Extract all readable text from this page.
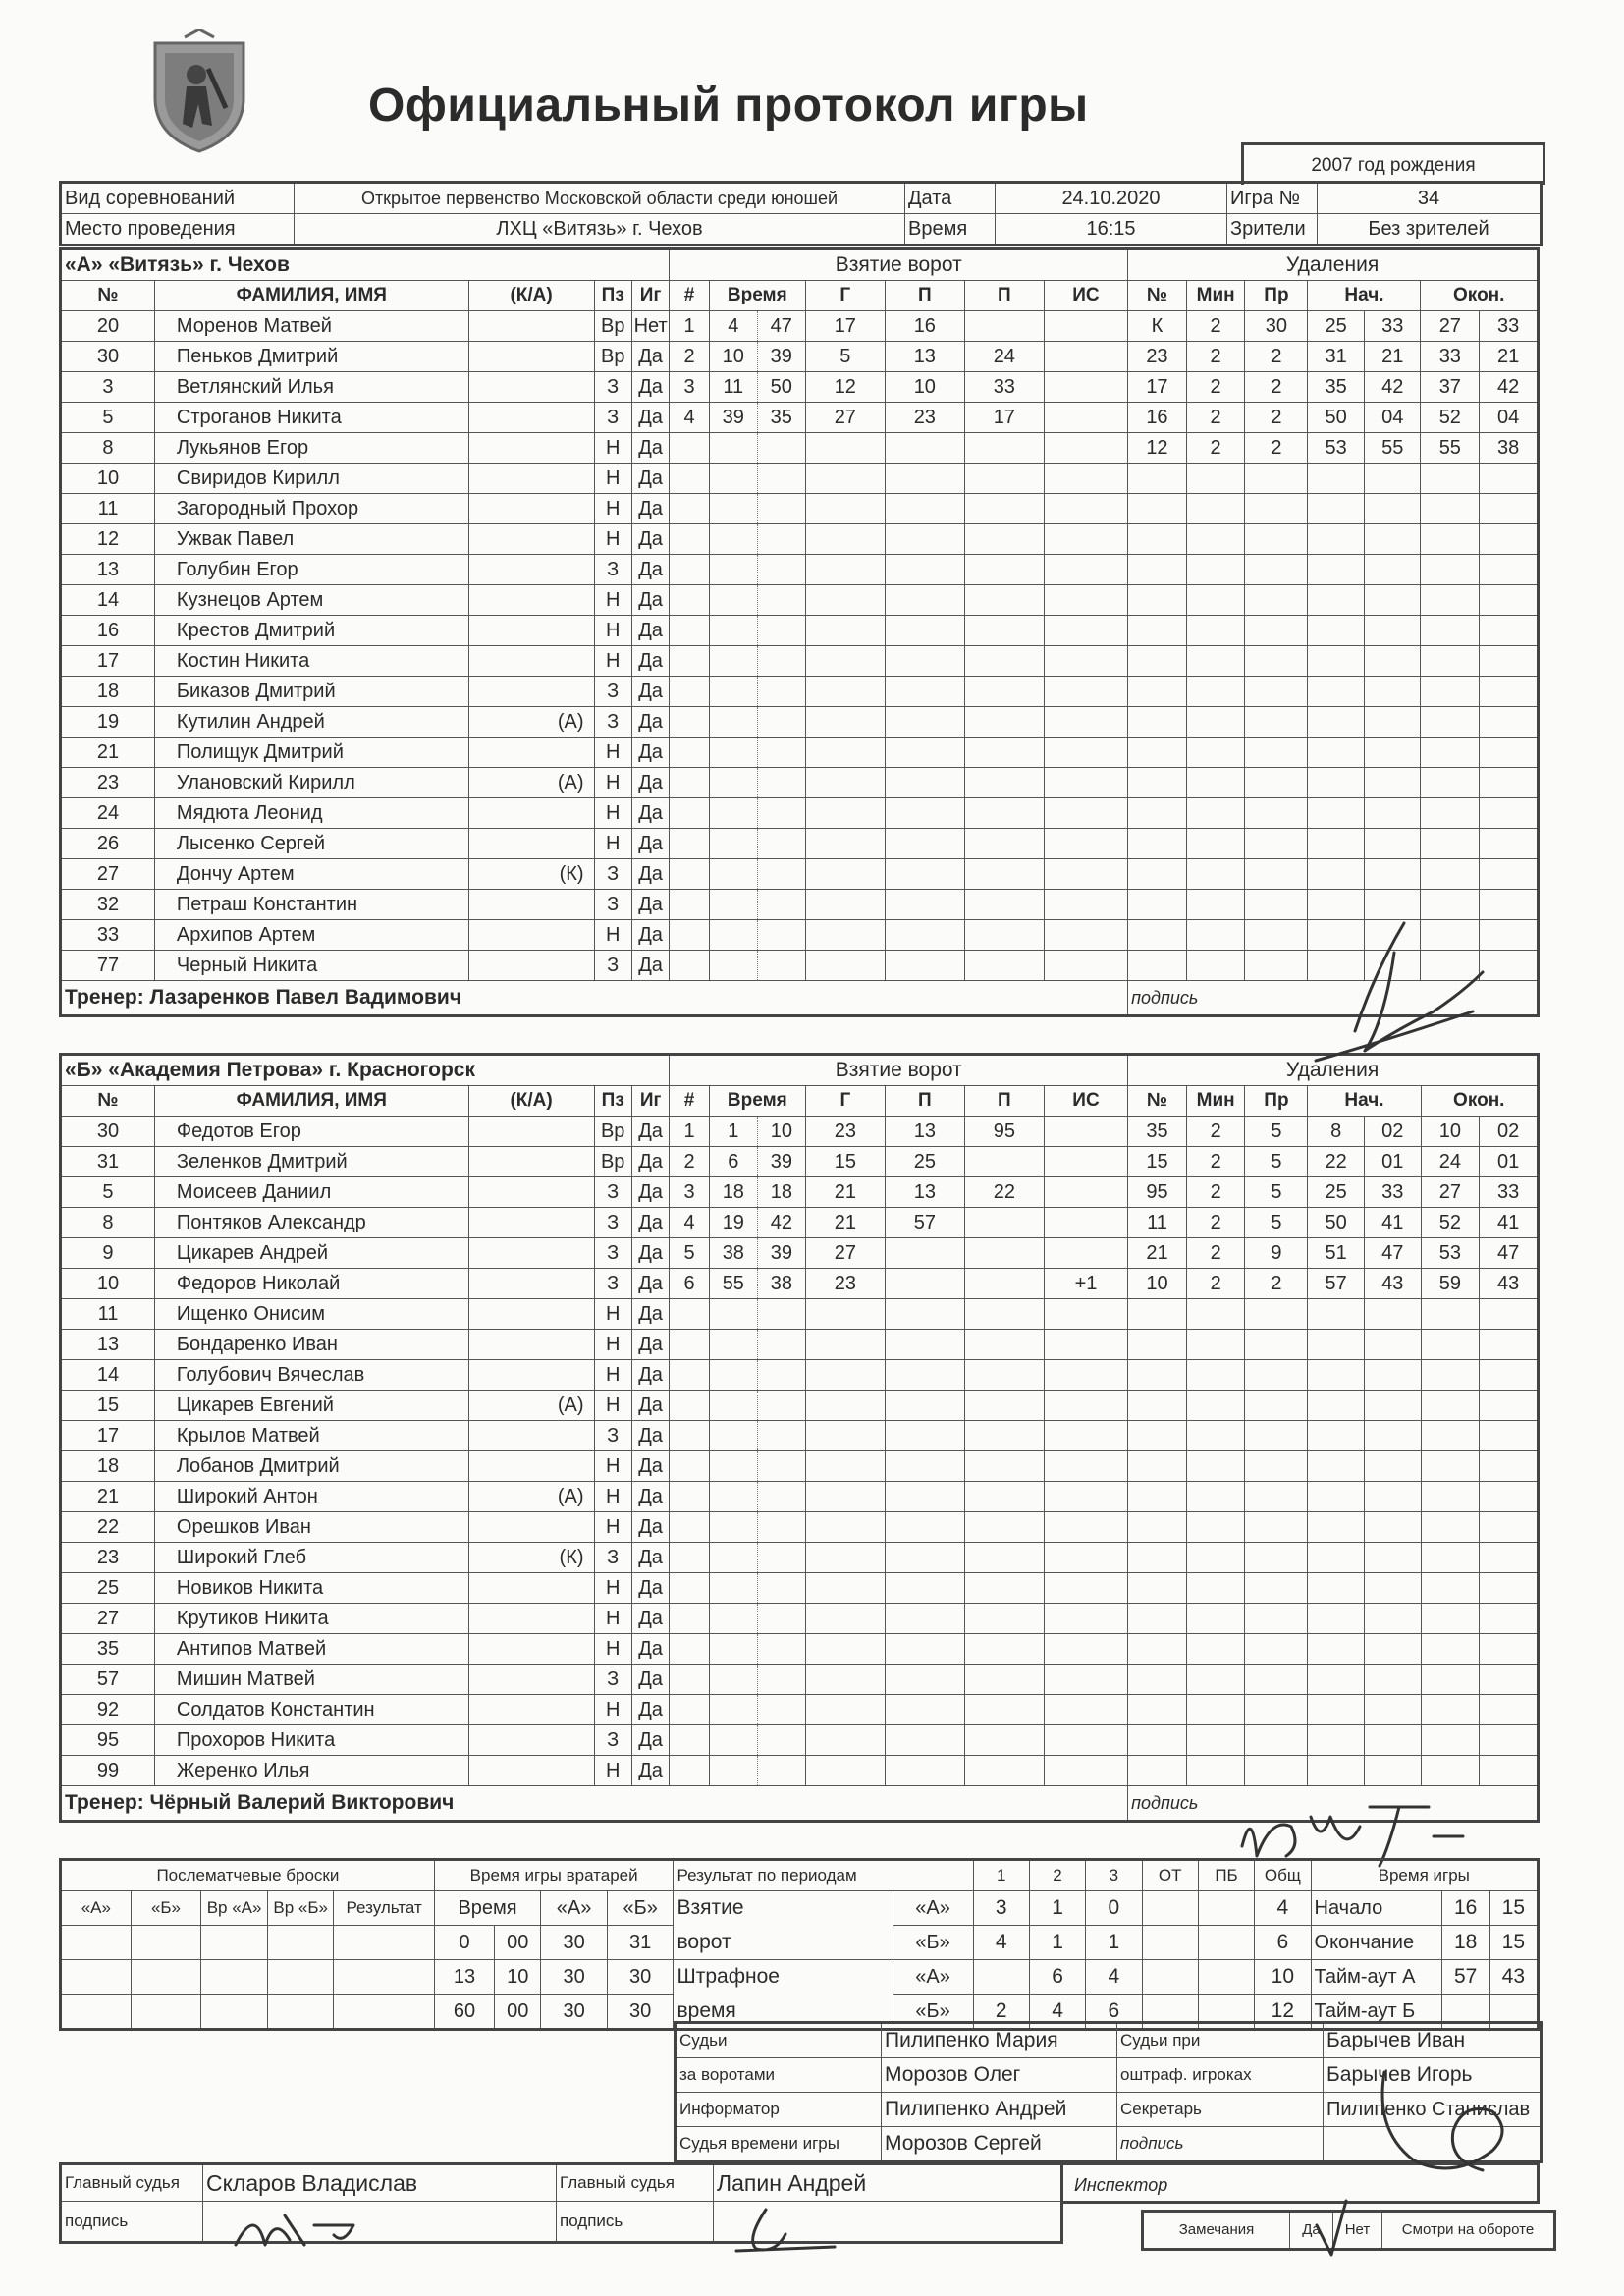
Официальный протокол игры
2007 год рождения
Вид соревнований	Открытое первенство Московской области среди юношей	Дата	24.10.2020	Игра №	34
Место проведения	ЛХЦ «Витязь» г. Чехов	Время	16:15	Зрители	Без зрителей
«А» «Витязь» г. Чехов					Взятие ворот							Удаления						
№	ФАМИЛИЯ, ИМЯ	(К/А)	Пз	Иг	#	Время		Г	П	П	ИС	№	Мин	Пр	Нач.		Окон.	
20	Моренов Матвей		Вр	Нет	1	4	47	17	16			К	2	30	25	33	27	33
30	Пеньков Дмитрий		Вр	Да	2	10	39	5	13	24		23	2	2	31	21	33	21
3	Ветлянский Илья		З	Да	3	11	50	12	10	33		17	2	2	35	42	37	42
5	Строганов Никита		З	Да	4	39	35	27	23	17		16	2	2	50	04	52	04
8	Лукьянов Егор		Н	Да								12	2	2	53	55	55	38
10	Свиридов Кирилл		Н	Да														
11	Загородный Прохор		Н	Да														
12	Ужвак Павел		Н	Да														
13	Голубин Егор		З	Да														
14	Кузнецов Артем		Н	Да														
16	Крестов Дмитрий		Н	Да														
17	Костин Никита		Н	Да														
18	Биказов Дмитрий		З	Да														
19	Кутилин Андрей	(А)	З	Да														
21	Полищук Дмитрий		Н	Да														
23	Улановский Кирилл	(А)	Н	Да														
24	Мядюта Леонид		Н	Да														
26	Лысенко Сергей		Н	Да														
27	Дончу Артем	(К)	З	Да														
32	Петраш Константин		З	Да														
33	Архипов Артем		Н	Да														
77	Черный Никита		З	Да														
Тренер: Лазаренков Павел Вадимович												подпись						
«Б» «Академия Петрова» г. Красногорск					Взятие ворот							Удаления						
№	ФАМИЛИЯ, ИМЯ	(К/А)	Пз	Иг	#	Время		Г	П	П	ИС	№	Мин	Пр	Нач.		Окон.	
30	Федотов Егор		Вр	Да	1	1	10	23	13	95		35	2	5	8	02	10	02
31	Зеленков Дмитрий		Вр	Да	2	6	39	15	25			15	2	5	22	01	24	01
5	Моисеев Даниил		З	Да	3	18	18	21	13	22		95	2	5	25	33	27	33
8	Понтяков Александр		З	Да	4	19	42	21	57			11	2	5	50	41	52	41
9	Цикарев Андрей		З	Да	5	38	39	27				21	2	9	51	47	53	47
10	Федоров Николай		З	Да	6	55	38	23			+1	10	2	2	57	43	59	43
11	Ищенко Онисим		Н	Да														
13	Бондаренко Иван		Н	Да														
14	Голубович Вячеслав		Н	Да														
15	Цикарев Евгений	(А)	Н	Да														
17	Крылов Матвей		З	Да														
18	Лобанов Дмитрий		Н	Да														
21	Широкий Антон	(А)	Н	Да														
22	Орешков Иван		Н	Да														
23	Широкий Глеб	(К)	З	Да														
25	Новиков Никита		Н	Да														
27	Крутиков Никита		Н	Да														
35	Антипов Матвей		Н	Да														
57	Мишин Матвей		З	Да														
92	Солдатов Константин		Н	Да														
95	Прохоров Никита		З	Да														
99	Жеренко Илья		Н	Да														
Тренер: Чёрный Валерий Викторович												подпись						
Послематчевые броски					Время игры вратарей				Результат по периодам		1	2	3	ОТ	ПБ	Общ	Время игры		
«А»	«Б»	Вр «А»	Вр «Б»	Результат	Время		«А»	«Б»	Взятие	«А»	3	1	0			4	Начало	16	15
					0	00	30	31	ворот	«Б»	4	1	1			6	Окончание	18	15
					13	10	30	30	Штрафное	«А»		6	4			10	Тайм-аут А	57	43
					60	00	30	30	время	«Б»	2	4	6			12	Тайм-аут Б		
Судьи	Пилипенко Мария	Судьи при	Барычев Иван
за воротами	Морозов Олег	оштраф. игроках	Барычев Игорь
Информатор	Пилипенко Андрей	Секретарь	Пилипенко Станислав
Судья времени игры	Морозов Сергей	подпись	
Главный судья	Скларов Владислав	Главный судья	Лапин Андрей
подпись		подпись	
Инспектор
Замечания	Да	Нет	Смотри на обороте
